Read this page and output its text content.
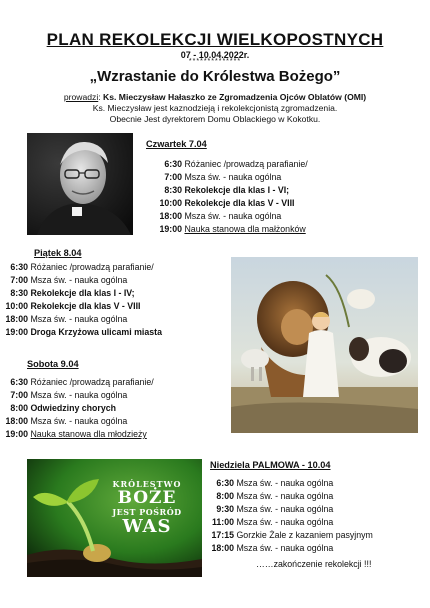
PLAN REKOLEKCJI WIELKOPOSTNYCH
07 - 10.04.2022r.
**************
„Wzrastanie do Królestwa Bożego”
prowadzi: Ks. Mieczysław Hałaszko ze Zgromadzenia Ojców Oblatów (OMI)
Ks. Mieczysław jest kaznodzieją i rekolekcjonistą zgromadzenia.
Obecnie Jest dyrektorem Domu Oblackiego w Kokotku.
Czwartek 7.04
6:30 Różaniec /prowadzą parafianie/
7:00 Msza św. - nauka ogólna
8:30 Rekolekcje dla klas I - VI;
10:00 Rekolekcje dla klas V - VIII
18:00 Msza św. - nauka ogólna
19:00 Nauka stanowa dla małżonków
Piątek 8.04
6:30 Różaniec /prowadzą parafianie/
7:00 Msza św. - nauka ogólna
8:30 Rekolekcje dla klas I - IV;
10:00 Rekolekcje dla klas V - VIII
18:00 Msza św. - nauka ogólna
19:00 Droga Krzyżowa ulicami miasta
Sobota 9.04
6:30 Różaniec /prowadzą parafianie/
7:00 Msza św. - nauka ogólna
8:00 Odwiedziny chorych
18:00 Msza św. - nauka ogólna
19:00 Nauka stanowa dla młodzieży
KRÓLESTWO
BOŻE
JEST POŚRÓD
WAS
Niedziela PALMOWA - 10.04
6:30 Msza św. - nauka ogólna
8:00 Msza św. - nauka ogólna
9:30 Msza św. - nauka ogólna
11:00 Msza św. - nauka ogólna
17:15 Gorzkie Żale z kazaniem pasyjnym
18:00 Msza św. - nauka ogólna
……zakończenie rekolekcji !!!
